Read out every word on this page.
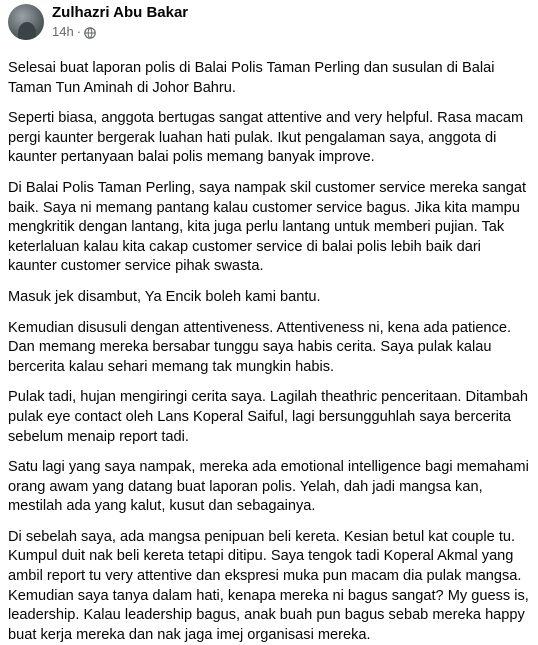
Zulhazri Abu Bakar
14h ·

Selesai buat laporan polis di Balai Polis Taman Perling dan susulan di Balai
Taman Tun Aminah di Johor Bahru.

Seperti biasa, anggota bertugas sangat attentive and very helpful. Rasa macam
pergi kaunter bergerak luahan hati pulak. Ikut pengalaman saya, anggota di
kaunter pertanyaan balai polis memang banyak improve.

Di Balai Polis Taman Perling, saya nampak skil customer service mereka sangat
baik. Saya ni memang pantang kalau customer service bagus. Jika kita mampu
mengkritik dengan lantang, kita juga perlu lantang untuk memberi pujian. Tak
keterlaluan kalau kita cakap customer service di balai polis lebih baik dari
kaunter customer service pihak swasta.

Masuk jek disambut, Ya Encik boleh kami bantu.

Kemudian disusuli dengan attentiveness. Attentiveness ni, kena ada patience.
Dan memang mereka bersabar tunggu saya habis cerita. Saya pulak kalau
bercerita kalau sehari memang tak mungkin habis.

Pulak tadi, hujan mengiringi cerita saya. Lagilah theathric penceritaan. Ditambah
pulak eye contact oleh Lans Koperal Saiful, lagi bersungguhlah saya bercerita
sebelum menaip report tadi.

Satu lagi yang saya nampak, mereka ada emotional intelligence bagi memahami
orang awam yang datang buat laporan polis. Yelah, dah jadi mangsa kan,
mestilah ada yang kalut, kusut dan sebagainya.

Di sebelah saya, ada mangsa penipuan beli kereta. Kesian betul kat couple tu.
Kumpul duit nak beli kereta tetapi ditipu. Saya tengok tadi Koperal Akmal yang
ambil report tu very attentive dan ekspresi muka pun macam dia pulak mangsa.
Kemudian saya tanya dalam hati, kenapa mereka ni bagus sangat? My guess is,
leadership. Kalau leadership bagus, anak buah pun bagus sebab mereka happy
buat kerja mereka dan nak jaga imej organisasi mereka.
